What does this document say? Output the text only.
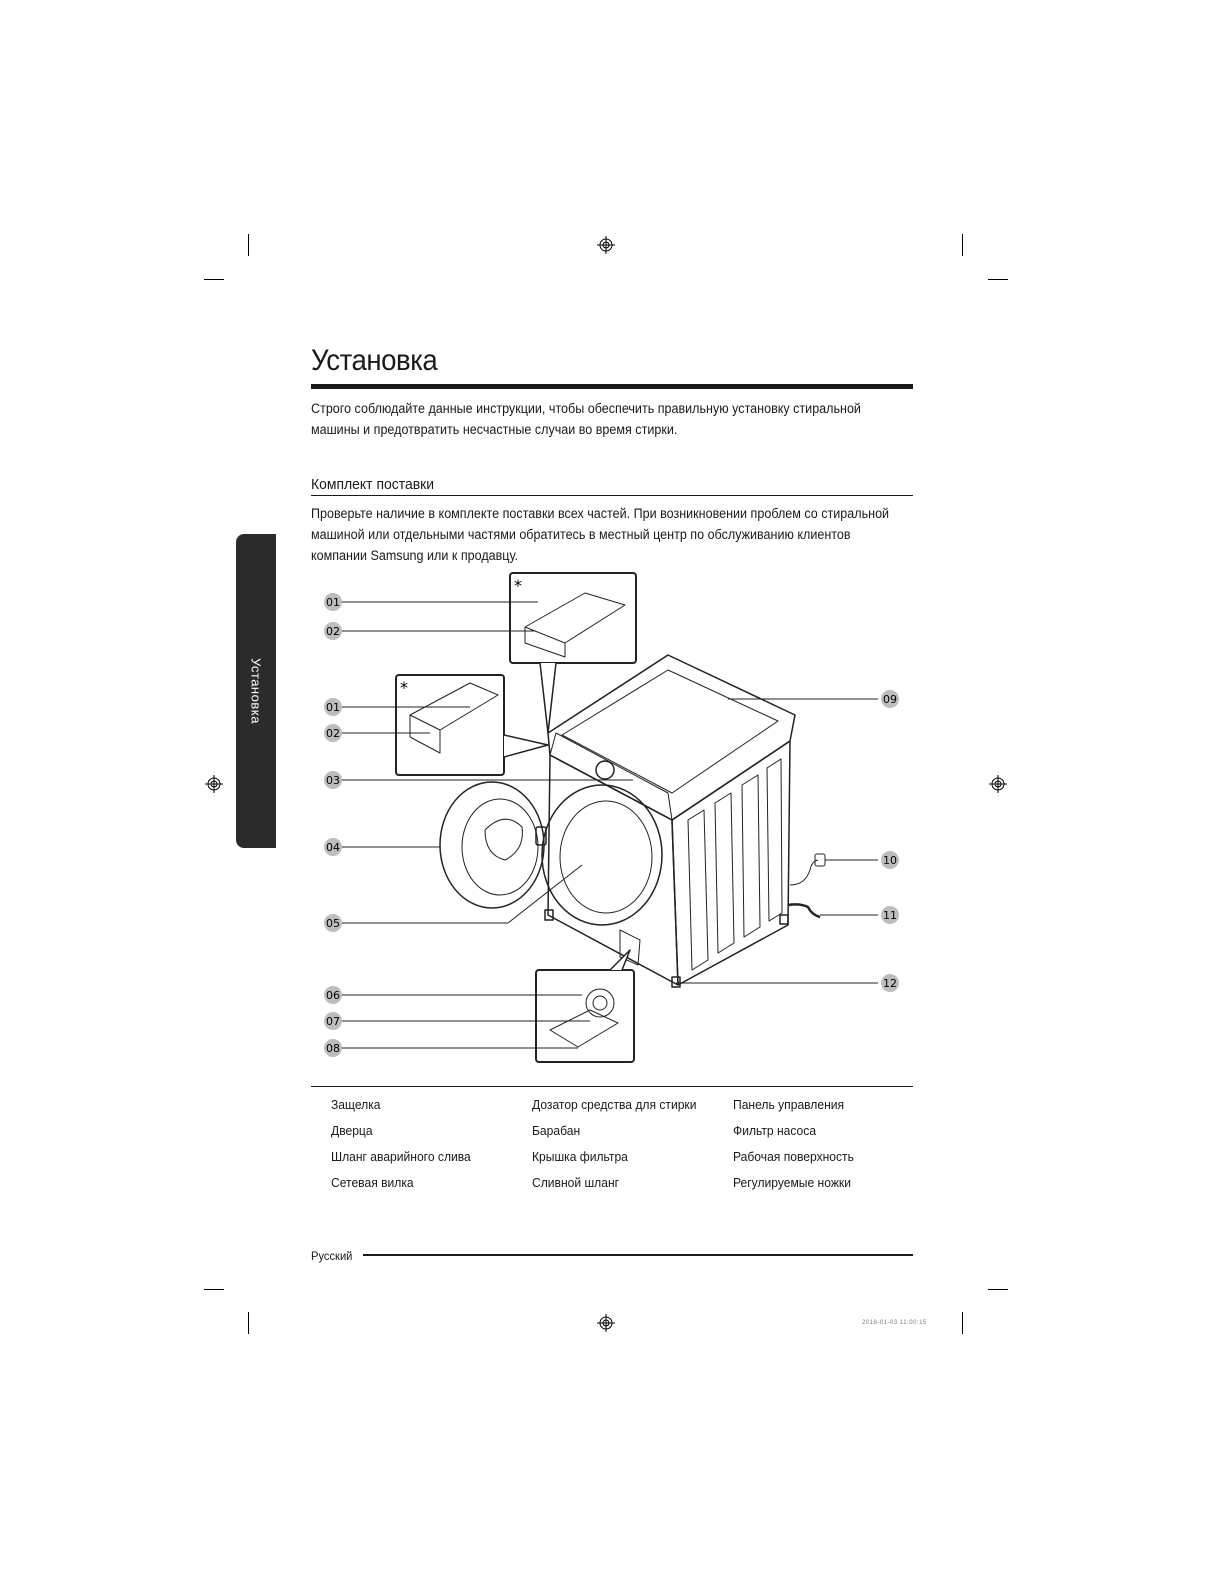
Установка
Строго соблюдайте данные инструкции, чтобы обеспечить правильную установку стиральной машины и предотвратить несчастные случаи во время стирки.
Комплект поставки
Проверьте наличие в комплекте поставки всех частей. При возникновении проблем со стиральной машиной или отдельными частями обратитесь в местный центр по обслуживанию клиентов компании Samsung или к продавцу.
Установка
*
*
01
02
01
02
03
04
05
06
07
08
09
10
11
12
Защелка	Дозатор средства для стирки	Панель управления
Дверца	Барабан	Фильтр насоса
Шланг аварийного слива	Крышка фильтра	Рабочая поверхность
Сетевая вилка	Сливной шланг	Регулируемые ножки
Русский
2018-01-03 11:00:15
